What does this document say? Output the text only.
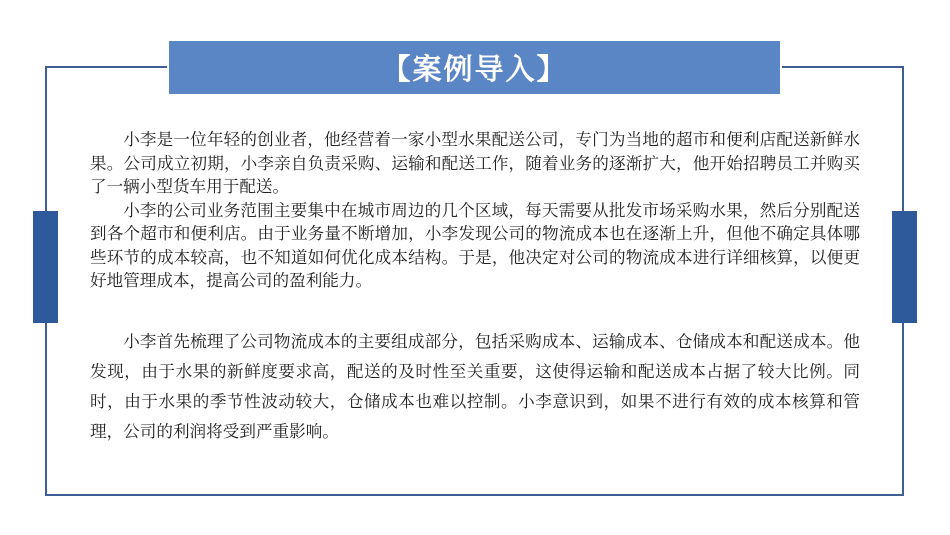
【案例导入】

小李是一位年轻的创业者，他经营着一家小型水果配送公司，专门为当地的超市和便利店配送新鲜水果。公司成立初期，小李亲自负责采购、运输和配送工作，随着业务的逐渐扩大，他开始招聘员工并购买了一辆小型货车用于配送。

小李的公司业务范围主要集中在城市周边的几个区域，每天需要从批发市场采购水果，然后分别配送到各个超市和便利店。由于业务量不断增加，小李发现公司的物流成本也在逐渐上升，但他不确定具体哪些环节的成本较高，也不知道如何优化成本结构。于是，他决定对公司的物流成本进行详细核算，以便更好地管理成本，提高公司的盈利能力。

小李首先梳理了公司物流成本的主要组成部分，包括采购成本、运输成本、仓储成本和配送成本。他发现，由于水果的新鲜度要求高，配送的及时性至关重要，这使得运输和配送成本占据了较大比例。同时，由于水果的季节性波动较大，仓储成本也难以控制。小李意识到，如果不进行有效的成本核算和管理，公司的利润将受到严重影响。
